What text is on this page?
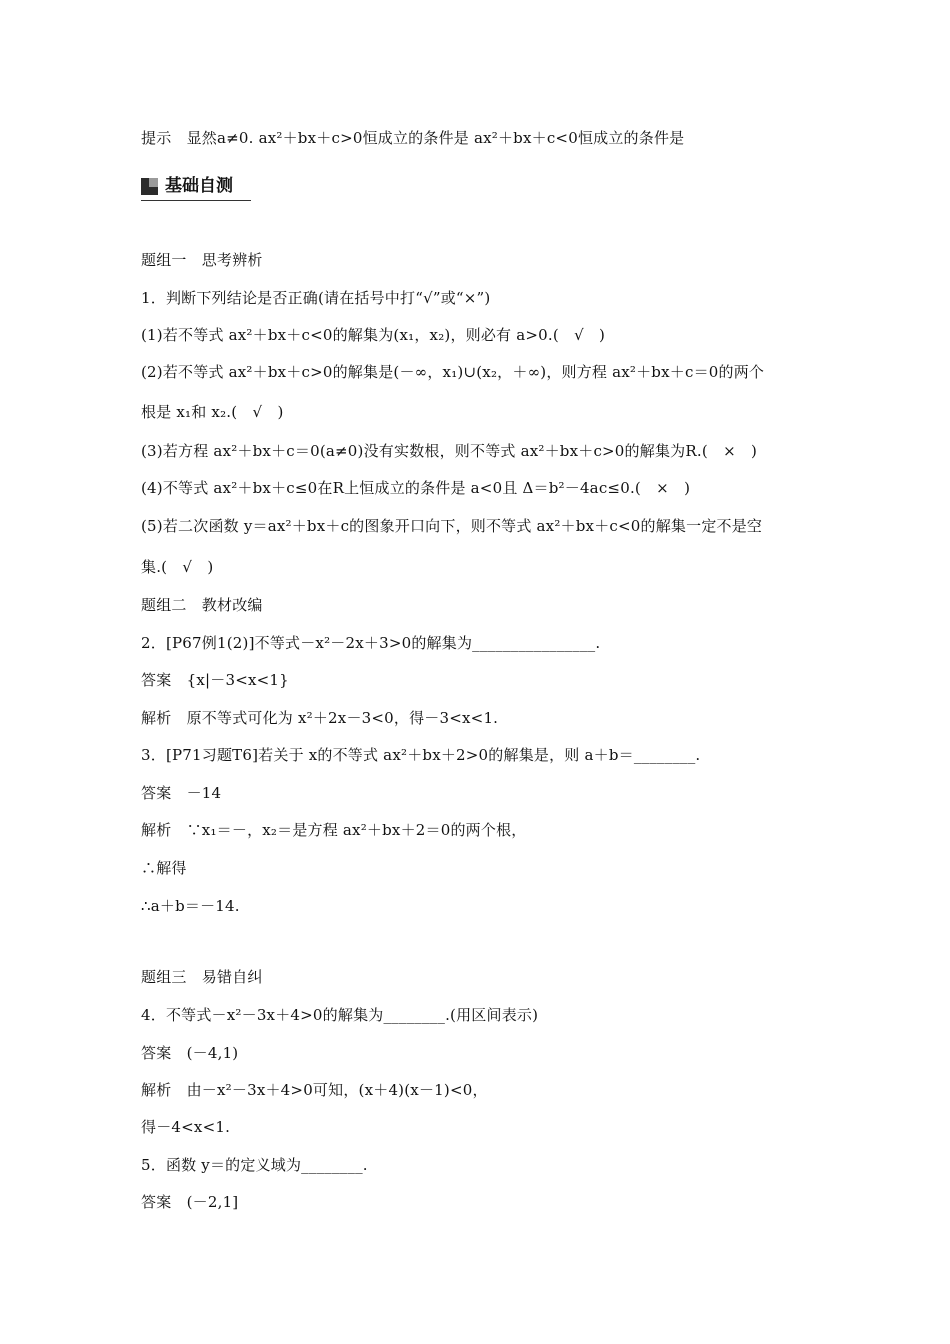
提示　显然a≠0. ax²＋bx＋c>0恒成立的条件是 ax²＋bx＋c<0恒成立的条件是
基础自测
题组一　思考辨析
1．判断下列结论是否正确(请在括号中打“√”或“×”)
(1)若不等式 ax²＋bx＋c<0的解集为(x₁，x₂)，则必有 a>0.(　√　)
(2)若不等式 ax²＋bx＋c>0的解集是(－∞，x₁)∪(x₂，＋∞)，则方程 ax²＋bx＋c＝0的两个
根是 x₁和 x₂.(　√　)
(3)若方程 ax²＋bx＋c＝0(a≠0)没有实数根，则不等式 ax²＋bx＋c>0的解集为R.(　×　)
(4)不等式 ax²＋bx＋c≤0在R上恒成立的条件是 a<0且 Δ＝b²－4ac≤0.(　×　)
(5)若二次函数 y＝ax²＋bx＋c的图象开口向下，则不等式 ax²＋bx＋c<0的解集一定不是空
集.(　√　)
题组二　教材改编
2．[P67例1(2)]不等式－x²－2x＋3>0的解集为________________.
答案　{x|－3<x<1}
解析　原不等式可化为 x²＋2x－3<0，得－3<x<1.
3．[P71习题T6]若关于 x的不等式 ax²＋bx＋2>0的解集是，则 a＋b＝________.
答案　－14
解析　∵x₁＝－，x₂＝是方程 ax²＋bx＋2＝0的两个根，
∴解得
∴a＋b＝－14.
题组三　易错自纠
4．不等式－x²－3x＋4>0的解集为________.(用区间表示)
答案　(－4,1)
解析　由－x²－3x＋4>0可知，(x＋4)(x－1)<0，
得－4<x<1.
5．函数 y＝的定义域为________.
答案　(－2,1]
